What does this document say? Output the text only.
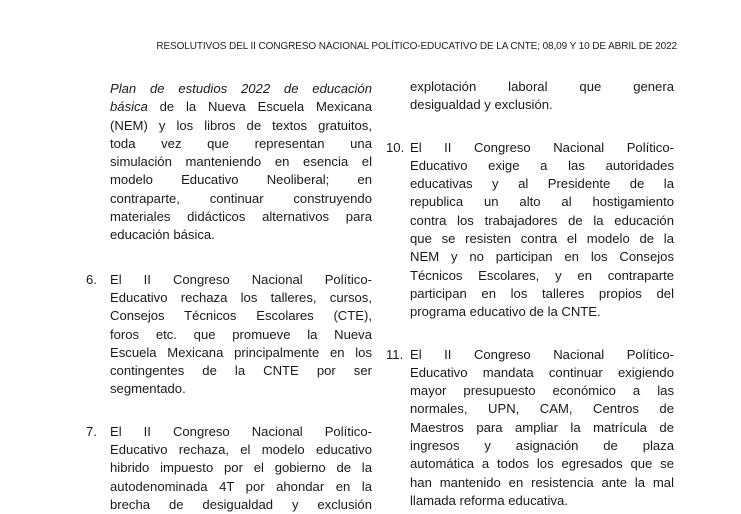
RESOLUTIVOS DEL II CONGRESO NACIONAL POLÍTICO-EDUCATIVO DE LA CNTE; 08,09 Y 10 DE ABRIL DE 2022
Plan de estudios 2022 de educación
básica de la Nueva Escuela Mexicana
(NEM) y los libros de textos gratuitos,
toda vez que representan una
simulación manteniendo en esencia el
modelo Educativo Neoliberal; en
contraparte, continuar construyendo
materiales didácticos alternativos para
educación básica.
6. El II Congreso Nacional Político-
Educativo rechaza los talleres, cursos,
Consejos Técnicos Escolares (CTE),
foros etc. que promueve la Nueva
Escuela Mexicana principalmente en los
contingentes de la CNTE por ser
segmentado.
7. El II Congreso Nacional Político-
Educativo rechaza, el modelo educativo
hibrido impuesto por el gobierno de la
autodenominada 4T por ahondar en la
brecha de desigualdad y exclusión
explotación laboral que genera
desigualdad y exclusión.
10. El II Congreso Nacional Político-
Educativo exige a las autoridades
educativas y al Presidente de la
republica un alto al hostigamiento
contra los trabajadores de la educación
que se resisten contra el modelo de la
NEM y no participan en los Consejos
Técnicos Escolares, y en contraparte
participan en los talleres propios del
programa educativo de la CNTE.
11. El II Congreso Nacional Político-
Educativo mandata continuar exigiendo
mayor presupuesto económico a las
normales, UPN, CAM, Centros de
Maestros para ampliar la matrícula de
ingresos y asignación de plaza
automática a todos los egresados que se
han mantenido en resistencia ante la mal
llamada reforma educativa.
